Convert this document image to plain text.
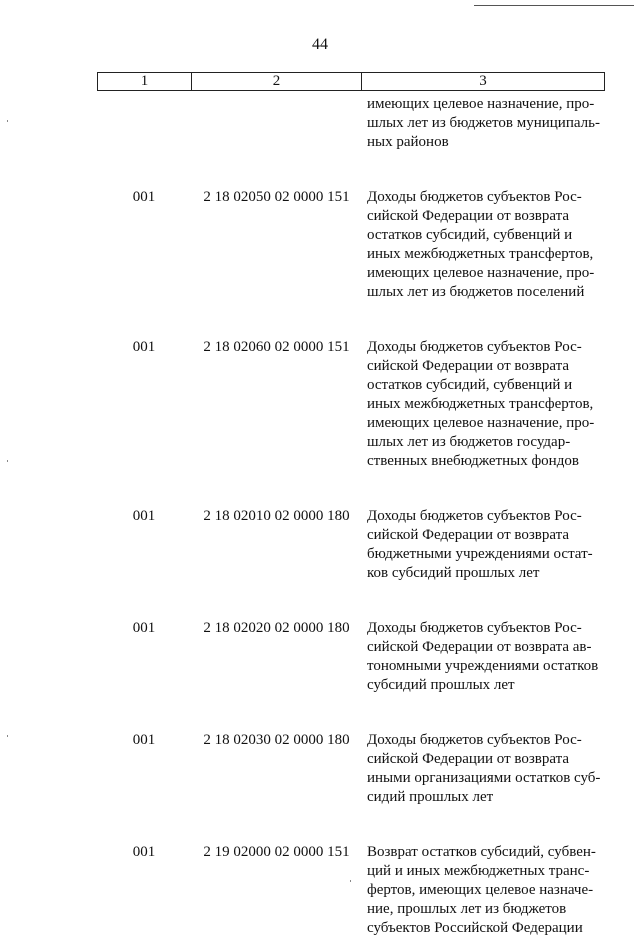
44
1	2	3
имеющих целевое назначение, про-
шлых лет из бюджетов муниципаль-
ных районов
001	2 18 02050 02 0000 151	Доходы бюджетов субъектов Рос-
сийской Федерации от возврата
остатков субсидий, субвенций и
иных межбюджетных трансфертов,
имеющих целевое назначение, про-
шлых лет из бюджетов поселений
001	2 18 02060 02 0000 151	Доходы бюджетов субъектов Рос-
сийской Федерации от возврата
остатков субсидий, субвенций и
иных межбюджетных трансфертов,
имеющих целевое назначение, про-
шлых лет из бюджетов государ-
ственных внебюджетных фондов
001	2 18 02010 02 0000 180	Доходы бюджетов субъектов Рос-
сийской Федерации от возврата
бюджетными учреждениями остат-
ков субсидий прошлых лет
001	2 18 02020 02 0000 180	Доходы бюджетов субъектов Рос-
сийской Федерации от возврата ав-
тономными учреждениями остатков
субсидий прошлых лет
001	2 18 02030 02 0000 180	Доходы бюджетов субъектов Рос-
сийской Федерации от возврата
иными организациями остатков суб-
сидий прошлых лет
001	2 19 02000 02 0000 151	Возврат остатков субсидий, субвен-
ций и иных межбюджетных транс-
фертов, имеющих целевое назначе-
ние, прошлых лет из бюджетов
субъектов Российской Федерации
